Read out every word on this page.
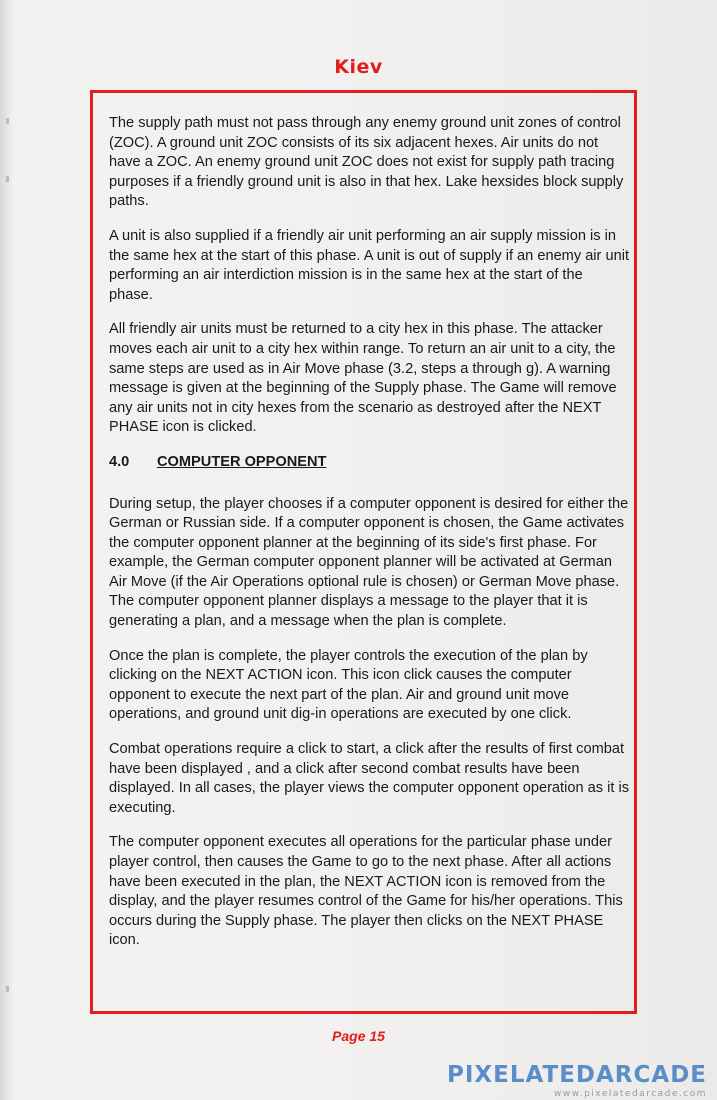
Kiev

The supply path must not pass through any enemy ground unit zones of control (ZOC). A ground unit ZOC consists of its six adjacent hexes. Air units do not have a ZOC. An enemy ground unit ZOC does not exist for supply path tracing purposes if a friendly ground unit is also in that hex. Lake hexsides block supply paths.

A unit is also supplied if a friendly air unit performing an air supply mission is in the same hex at the start of this phase. A unit is out of supply if an enemy air unit performing an air interdiction mission is in the same hex at the start of the phase.

All friendly air units must be returned to a city hex in this phase. The attacker moves each air unit to a city hex within range. To return an air unit to a city, the same steps are used as in Air Move phase (3.2, steps a through g). A warning message is given at the beginning of the Supply phase. The Game will remove any air units not in city hexes from the scenario as destroyed after the NEXT PHASE icon is clicked.

4.0 COMPUTER OPPONENT

During setup, the player chooses if a computer opponent is desired for either the German or Russian side. If a computer opponent is chosen, the Game activates the computer opponent planner at the beginning of its side's first phase. For example, the German computer opponent planner will be activated at German Air Move (if the Air Operations optional rule is chosen) or German Move phase. The computer opponent planner displays a message to the player that it is generating a plan, and a message when the plan is complete.

Once the plan is complete, the player controls the execution of the plan by clicking on the NEXT ACTION icon. This icon click causes the computer opponent to execute the next part of the plan. Air and ground unit move operations, and ground unit dig-in operations are executed by one click.

Combat operations require a click to start, a click after the results of first combat have been displayed , and a click after second combat results have been displayed. In all cases, the player views the computer opponent operation as it is executing.

The computer opponent executes all operations for the particular phase under player control, then causes the Game to go to the next phase. After all actions have been executed in the plan, the NEXT ACTION icon is removed from the display, and the player resumes control of the Game for his/her operations. This occurs during the Supply phase. The player then clicks on the NEXT PHASE icon.

Page 15
PIXELATEDARCADE
www.pixelatedarcade.com
